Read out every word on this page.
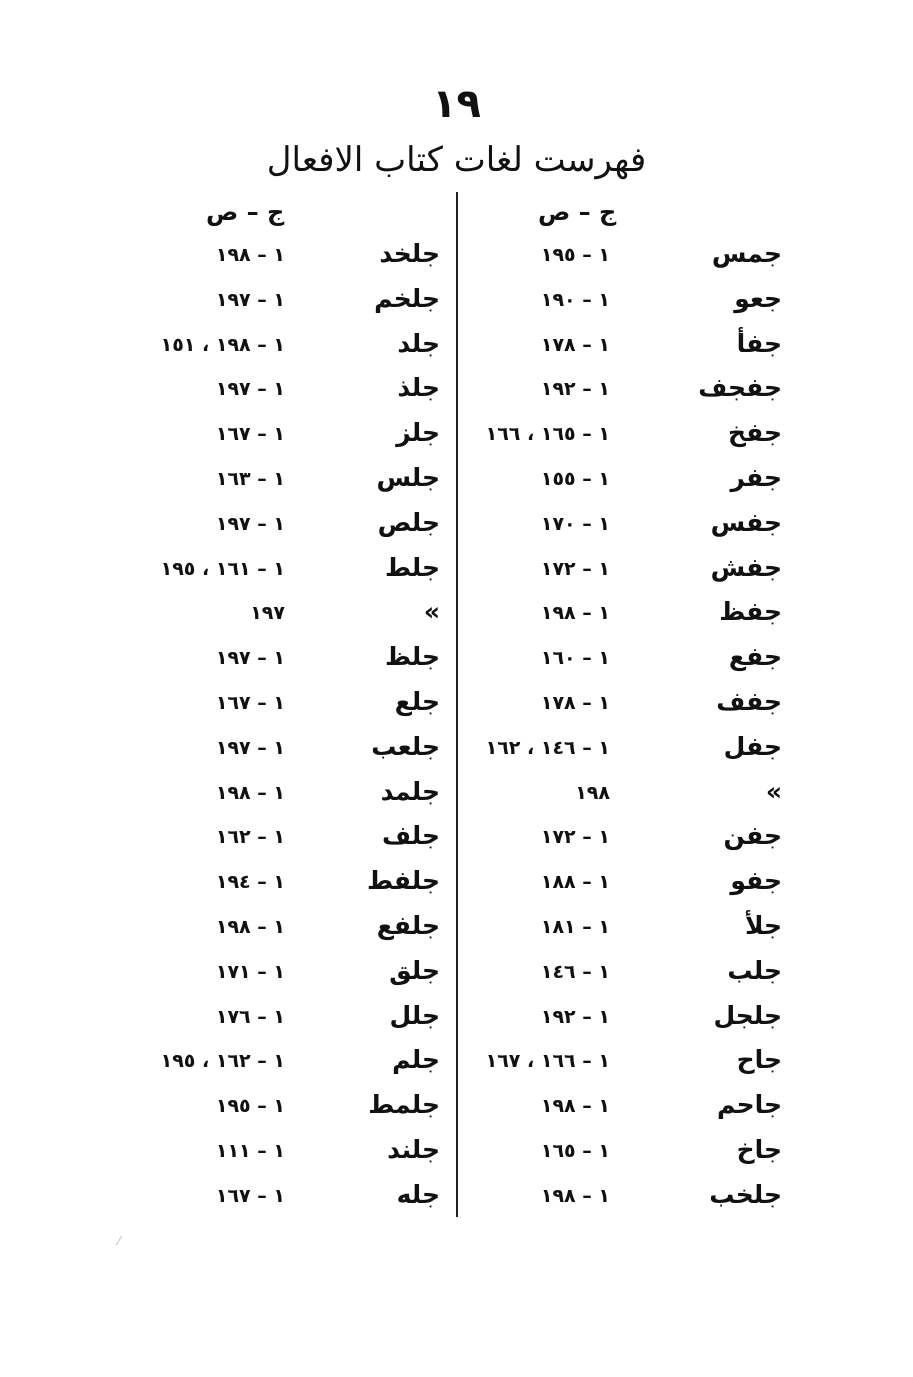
١٩
فهرست لغات كتاب الافعال
ج – ص
جمس
١ – ١٩٥
جعو
١ – ١٩٠
جفأ
١ – ١٧٨
جفجف
١ – ١٩٢
جفخ
١ – ١٦٥ ، ١٦٦
جفر
١ – ١٥٥
جفس
١ – ١٧٠
جفش
١ – ١٧٢
جفظ
١ – ١٩٨
جفع
١ – ١٦٠
جفف
١ – ١٧٨
جفل
١ – ١٤٦ ، ١٦٢
»
١٩٨
جفن
١ – ١٧٢
جفو
١ – ١٨٨
جلأ
١ – ١٨١
جلب
١ – ١٤٦
جلجل
١ – ١٩٢
جاح
١ – ١٦٦ ، ١٦٧
جاحم
١ – ١٩٨
جاخ
١ – ١٦٥
جلخب
١ – ١٩٨
ج – ص
جلخد
١ – ١٩٨
جلخم
١ – ١٩٧
جلد
١ – ١٩٨ ، ١٥١
جلذ
١ – ١٩٧
جلز
١ – ١٦٧
جلس
١ – ١٦٣
جلص
١ – ١٩٧
جلط
١ – ١٦١ ، ١٩٥
»
١٩٧
جلظ
١ – ١٩٧
جلع
١ – ١٦٧
جلعب
١ – ١٩٧
جلمد
١ – ١٩٨
جلف
١ – ١٦٢
جلفط
١ – ١٩٤
جلفع
١ – ١٩٨
جلق
١ – ١٧١
جلل
١ – ١٧٦
جلم
١ – ١٦٢ ، ١٩٥
جلمط
١ – ١٩٥
جلند
١ – ١١١
جله
١ – ١٦٧
⁄
